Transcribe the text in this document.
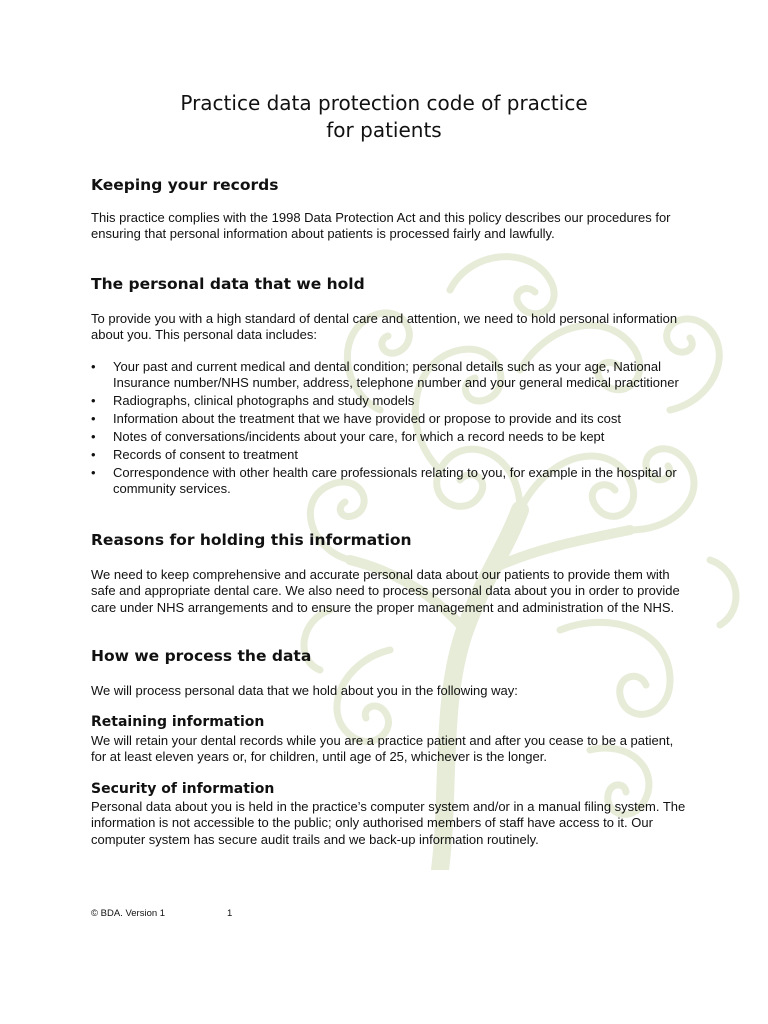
Practice data protection code of practice
for patients
Keeping your records

This practice complies with the 1998 Data Protection Act and this policy describes our procedures for ensuring that personal information about patients is processed fairly and lawfully.

The personal data that we hold

To provide you with a high standard of dental care and attention, we need to hold personal information about you. This personal data includes:

• Your past and current medical and dental condition; personal details such as your age, National Insurance number/NHS number, address, telephone number and your general medical practitioner
• Radiographs, clinical photographs and study models
• Information about the treatment that we have provided or propose to provide and its cost
• Notes of conversations/incidents about your care, for which a record needs to be kept
• Records of consent to treatment
• Correspondence with other health care professionals relating to you, for example in the hospital or community services.
Reasons for holding this information

We need to keep comprehensive and accurate personal data about our patients to provide them with safe and appropriate dental care. We also need to process personal data about you in order to provide care under NHS arrangements and to ensure the proper management and administration of the NHS.

How we process the data

We will process personal data that we hold about you in the following way:

Retaining information

We will retain your dental records while you are a practice patient and after you cease to be a patient, for at least eleven years or, for children, until age of 25, whichever is the longer.

Security of information

Personal data about you is held in the practice’s computer system and/or in a manual filing system. The information is not accessible to the public; only authorised members of staff have access to it. Our computer system has secure audit trails and we back-up information routinely.

© BDA. Version 1	1
